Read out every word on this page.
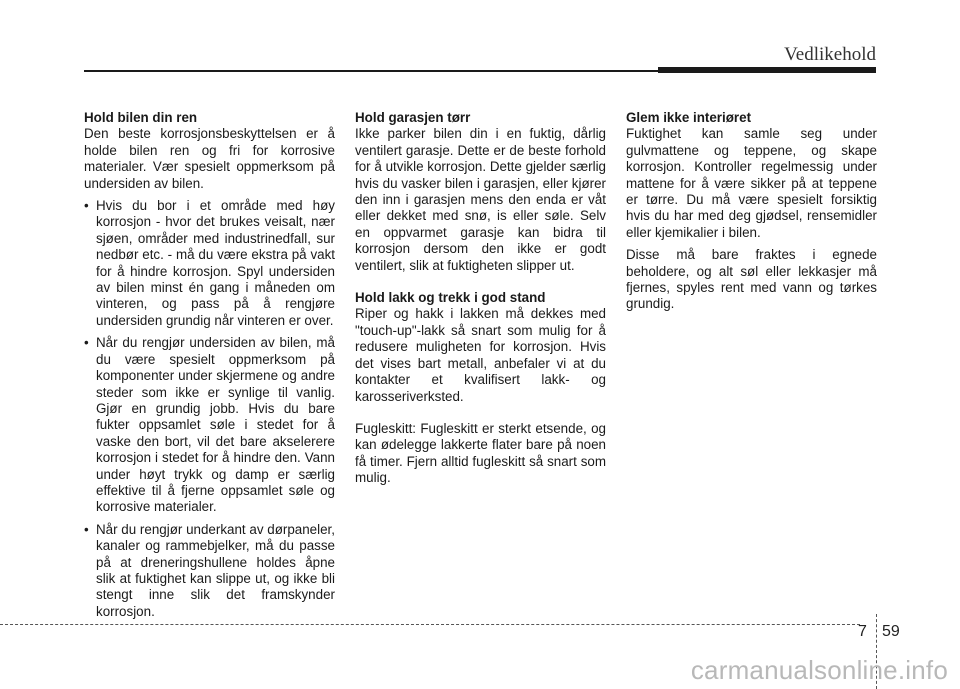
Vedlikehold
Hold bilen din ren

Den beste korrosjonsbeskyttelsen er å holde bilen ren og fri for korrosive materialer. Vær spesielt oppmerksom på undersiden av bilen.

• Hvis du bor i et område med høy korrosjon - hvor det brukes veisalt, nær sjøen, områder med industrinedfall, sur nedbør etc. - må du være ekstra på vakt for å hindre korrosjon. Spyl undersiden av bilen minst én gang i måneden om vinteren, og pass på å rengjøre undersiden grundig når vinteren er over.
• Når du rengjør undersiden av bilen, må du være spesielt oppmerksom på komponenter under skjermene og andre steder som ikke er synlige til vanlig. Gjør en grundig jobb. Hvis du bare fukter oppsamlet søle i stedet for å vaske den bort, vil det bare akselerere korrosjon i stedet for å hindre den. Vann under høyt trykk og damp er særlig effektive til å fjerne oppsamlet søle og korrosive materialer.
• Når du rengjør underkant av dørpaneler, kanaler og rammebjelker, må du passe på at dreneringshullene holdes åpne slik at fuktighet kan slippe ut, og ikke bli stengt inne slik det framskynder korrosjon.
Hold garasjen tørr

Ikke parker bilen din i en fuktig, dårlig ventilert garasje. Dette er de beste forhold for å utvikle korrosjon. Dette gjelder særlig hvis du vasker bilen i garasjen, eller kjører den inn i garasjen mens den enda er våt eller dekket med snø, is eller søle. Selv en oppvarmet garasje kan bidra til korrosjon dersom den ikke er godt ventilert, slik at fuktigheten slipper ut.

Hold lakk og trekk i god stand

Riper og hakk i lakken må dekkes med "touch-up"-lakk så snart som mulig for å redusere muligheten for korrosjon. Hvis det vises bart metall, anbefaler vi at du kontakter et kvalifisert lakk- og karosseriverksted.

Fugleskitt: Fugleskitt er sterkt etsende, og kan ødelegge lakkerte flater bare på noen få timer. Fjern alltid fugleskitt så snart som mulig.

Glem ikke interiøret

Fuktighet kan samle seg under gulvmattene og teppene, og skape korrosjon. Kontroller regelmessig under mattene for å være sikker på at teppene er tørre. Du må være spesielt forsiktig hvis du har med deg gjødsel, rensemidler eller kjemikalier i bilen.

Disse må bare fraktes i egnede beholdere, og alt søl eller lekkasjer må fjernes, spyles rent med vann og tørkes grundig.

7 59
carmanualsonline.info
